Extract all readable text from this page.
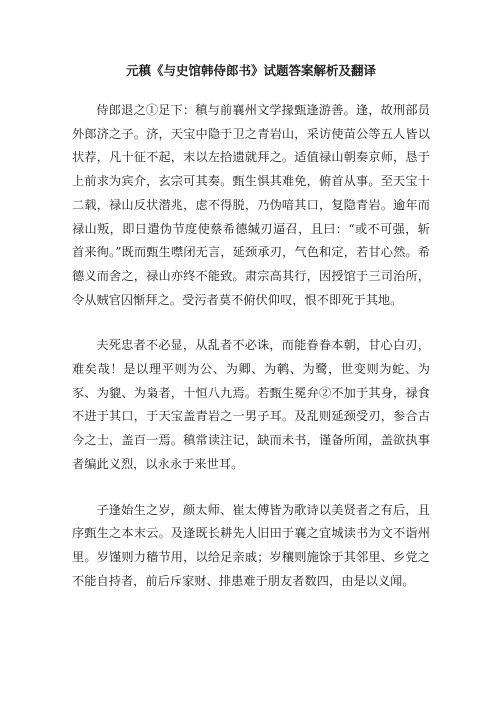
元稹《与史馆韩侍郎书》试题答案解析及翻译

侍郎退之①足下：稹与前襄州文学掾甄逢游善。逢，故刑部员外郎济之子。济，天宝中隐于卫之青岩山，采访使苗公等五人皆以状荐，凡十征不起，末以左拾遗就拜之。适值禄山朝奏京师，恳于上前求为宾介，玄宗可其奏。甄生惧其难免，俯首从事。至天宝十二载，禄山反状潜兆，虑不得脱，乃伪喑其口，复隐青岩。逾年而禄山叛，即日遣伪节度使蔡希德缄刃逼召，且曰：“或不可强，斩首来徇。”既而甄生噤闭无言，延颈承刃，气色和定，若甘心然。希德义而舍之，禄山亦终不能致。肃宗高其行，因授馆于三司治所，令从贼官囚惭拜之。受污者莫不俯伏仰叹，恨不即死于其地。

夫死忠者不必显，从乱者不必诛，而能眷眷本朝，甘心白刃，难矣哉！是以理平则为公、为卿、为鹌、为鹭，世变则为蛇、为豕、为貔、为枭者，十恒八九焉。若甄生冕弁②不加于其身，禄食不进于其口，于天宝盖青岩之一男子耳。及乱则延颈受刃，参合古今之士，盖百一焉。稹常读注记，缺而未书，谨备所闻，盖欲执事者编此义烈，以永永于来世耳。

子逢始生之岁，颜太师、崔太傅皆为歌诗以美贤者之有后，且序甄生之本末云。及逢既长耕先人旧田于襄之宜城读书为文不诣州里。岁馑则力穑节用，以给足亲戚；岁穰则施馀于其邻里、乡党之不能自持者，前后斥家财、排患难于朋友者数四，由是以义闻。
